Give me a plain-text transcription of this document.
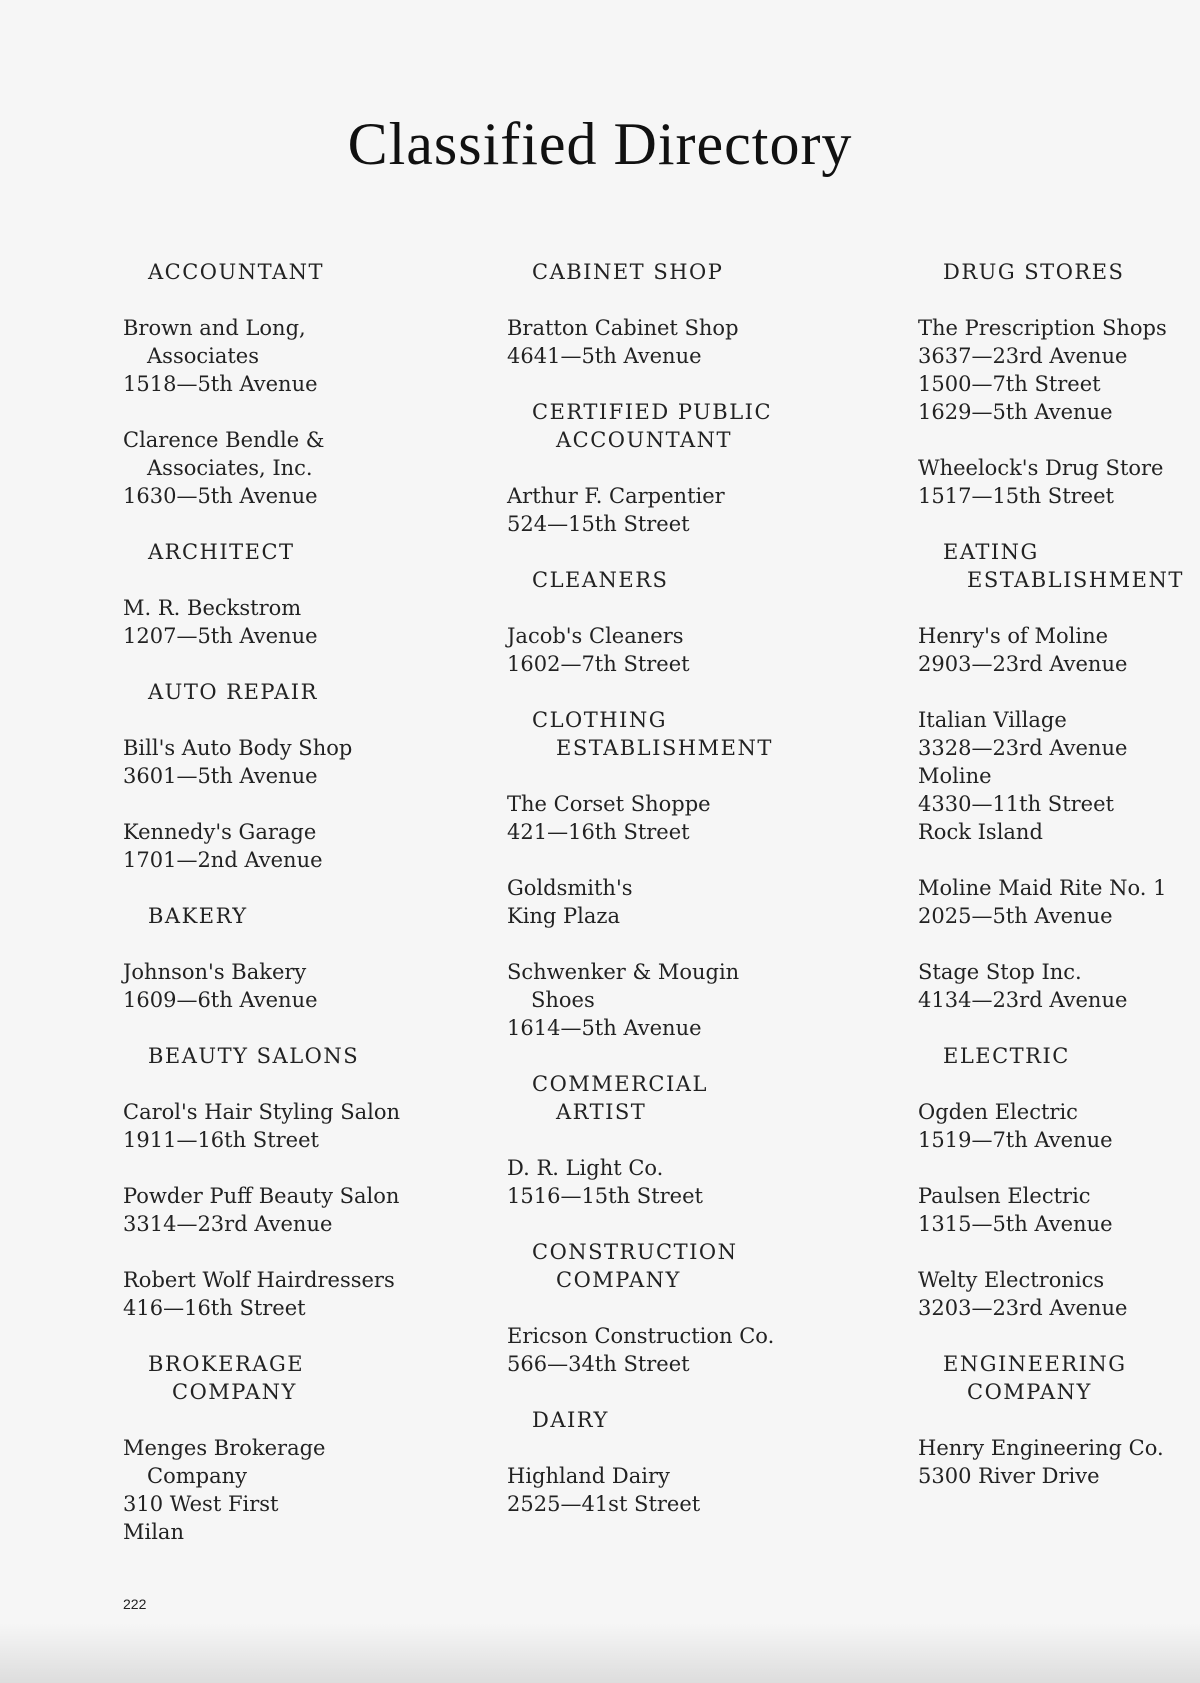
Classified Directory
ACCOUNTANT
Brown and Long,
Associates
1518—5th Avenue
Clarence Bendle &
Associates, Inc.
1630—5th Avenue
ARCHITECT
M. R. Beckstrom
1207—5th Avenue
AUTO REPAIR
Bill's Auto Body Shop
3601—5th Avenue
Kennedy's Garage
1701—2nd Avenue
BAKERY
Johnson's Bakery
1609—6th Avenue
BEAUTY SALONS
Carol's Hair Styling Salon
1911—16th Street
Powder Puff Beauty Salon
3314—23rd Avenue
Robert Wolf Hairdressers
416—16th Street
BROKERAGE
COMPANY
Menges Brokerage
Company
310 West First
Milan
CABINET SHOP
Bratton Cabinet Shop
4641—5th Avenue
CERTIFIED PUBLIC
ACCOUNTANT
Arthur F. Carpentier
524—15th Street
CLEANERS
Jacob's Cleaners
1602—7th Street
CLOTHING
ESTABLISHMENT
The Corset Shoppe
421—16th Street
Goldsmith's
King Plaza
Schwenker & Mougin
Shoes
1614—5th Avenue
COMMERCIAL
ARTIST
D. R. Light Co.
1516—15th Street
CONSTRUCTION
COMPANY
Ericson Construction Co.
566—34th Street
DAIRY
Highland Dairy
2525—41st Street
DRUG STORES
The Prescription Shops
3637—23rd Avenue
1500—7th Street
1629—5th Avenue
Wheelock's Drug Store
1517—15th Street
EATING
ESTABLISHMENT
Henry's of Moline
2903—23rd Avenue
Italian Village
3328—23rd Avenue
Moline
4330—11th Street
Rock Island
Moline Maid Rite No. 1
2025—5th Avenue
Stage Stop Inc.
4134—23rd Avenue
ELECTRIC
Ogden Electric
1519—7th Avenue
Paulsen Electric
1315—5th Avenue
Welty Electronics
3203—23rd Avenue
ENGINEERING
COMPANY
Henry Engineering Co.
5300 River Drive
222
